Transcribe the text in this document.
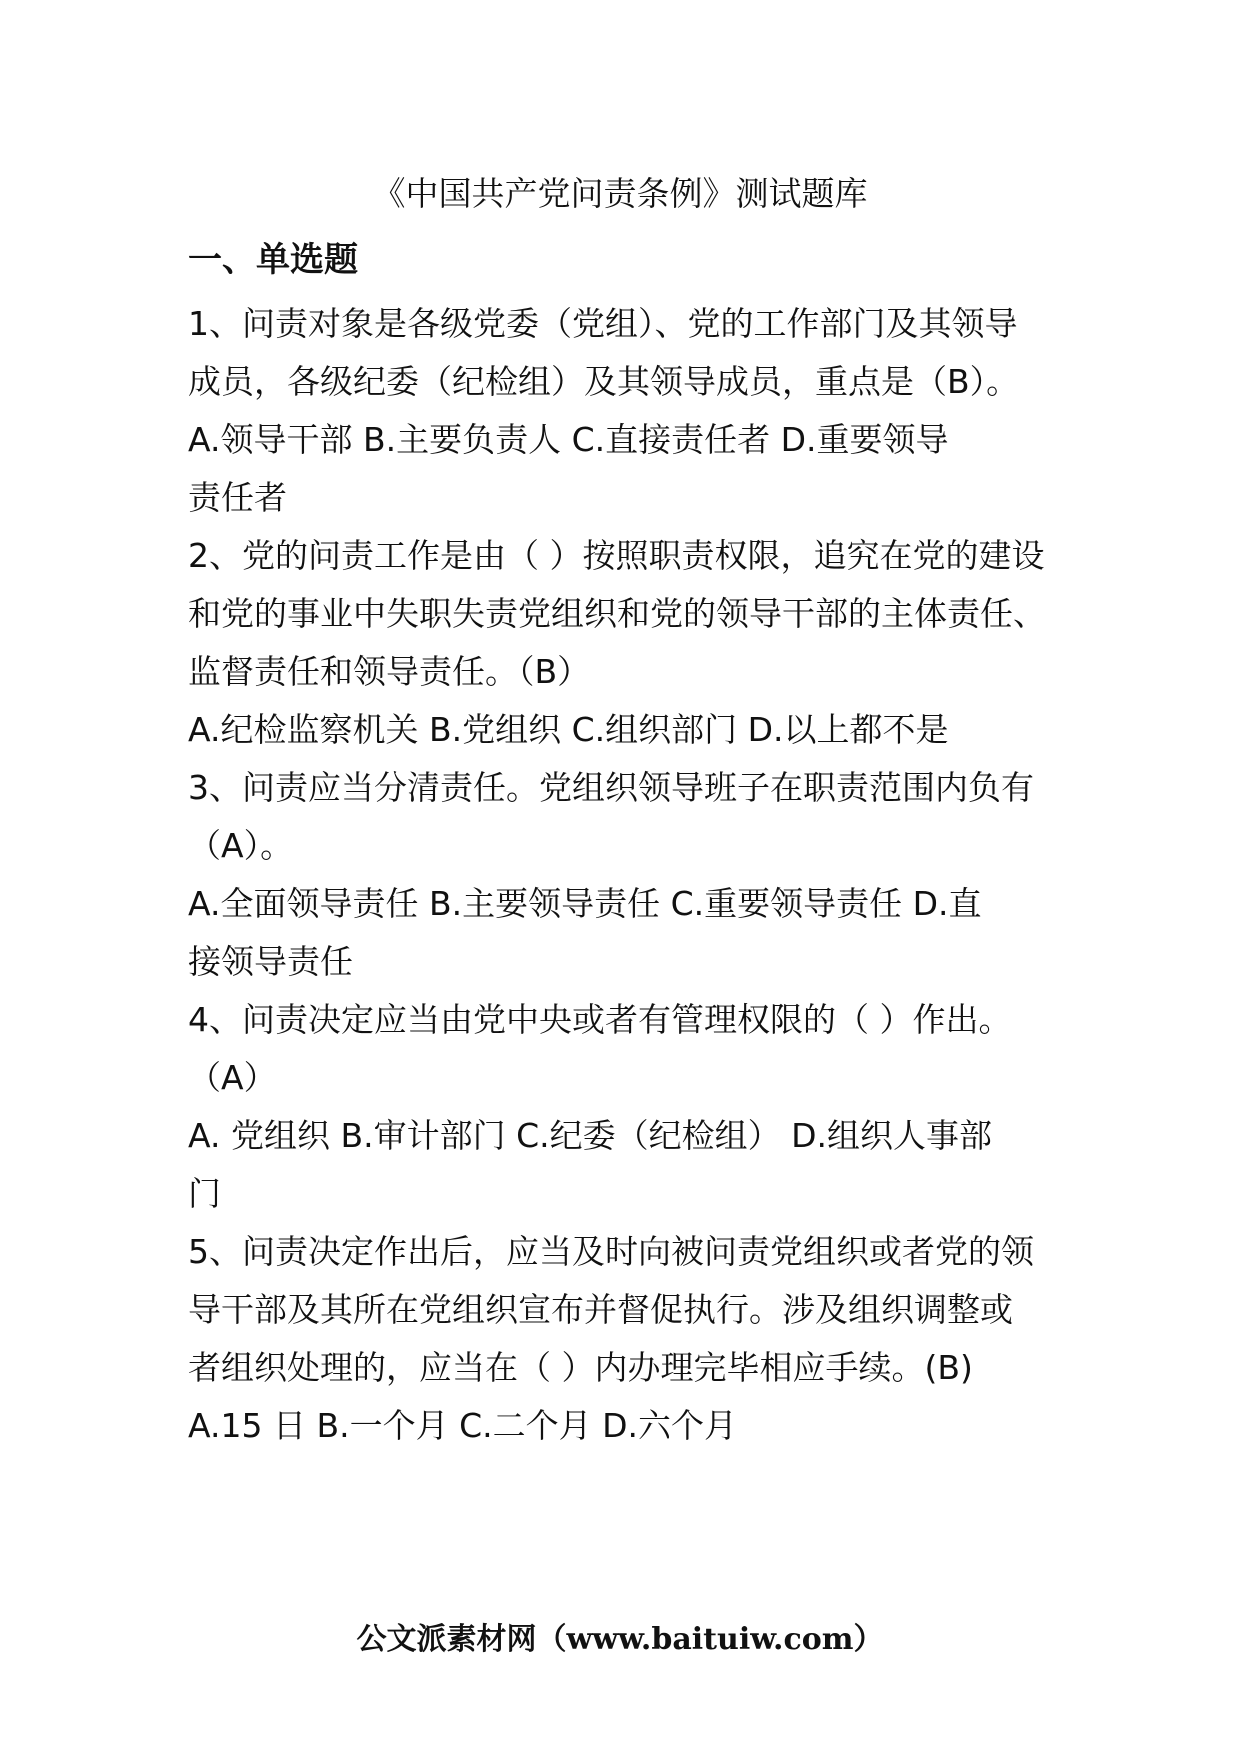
《中国共产党问责条例》测试题库
一、单选题
1、问责对象是各级党委（党组）、党的工作部门及其领导
成员，各级纪委（纪检组）及其领导成员，重点是（B）。
A.领导干部 B.主要负责人 C.直接责任者 D.重要领导
责任者
2、党的问责工作是由（ ）按照职责权限，追究在党的建设
和党的事业中失职失责党组织和党的领导干部的主体责任、
监督责任和领导责任。（B）
A.纪检监察机关 B.党组织 C.组织部门 D.以上都不是
3、问责应当分清责任。党组织领导班子在职责范围内负有
（A）。
A.全面领导责任 B.主要领导责任 C.重要领导责任 D.直
接领导责任
4、问责决定应当由党中央或者有管理权限的（ ）作出。
（A）
A. 党组织 B.审计部门 C.纪委（纪检组） D.组织人事部
门
5、问责决定作出后，应当及时向被问责党组织或者党的领
导干部及其所在党组织宣布并督促执行。涉及组织调整或
者组织处理的，应当在（ ）内办理完毕相应手续。(B)
A.15 日 B.一个月 C.二个月 D.六个月
公文派素材网（www.baituiw.com）
